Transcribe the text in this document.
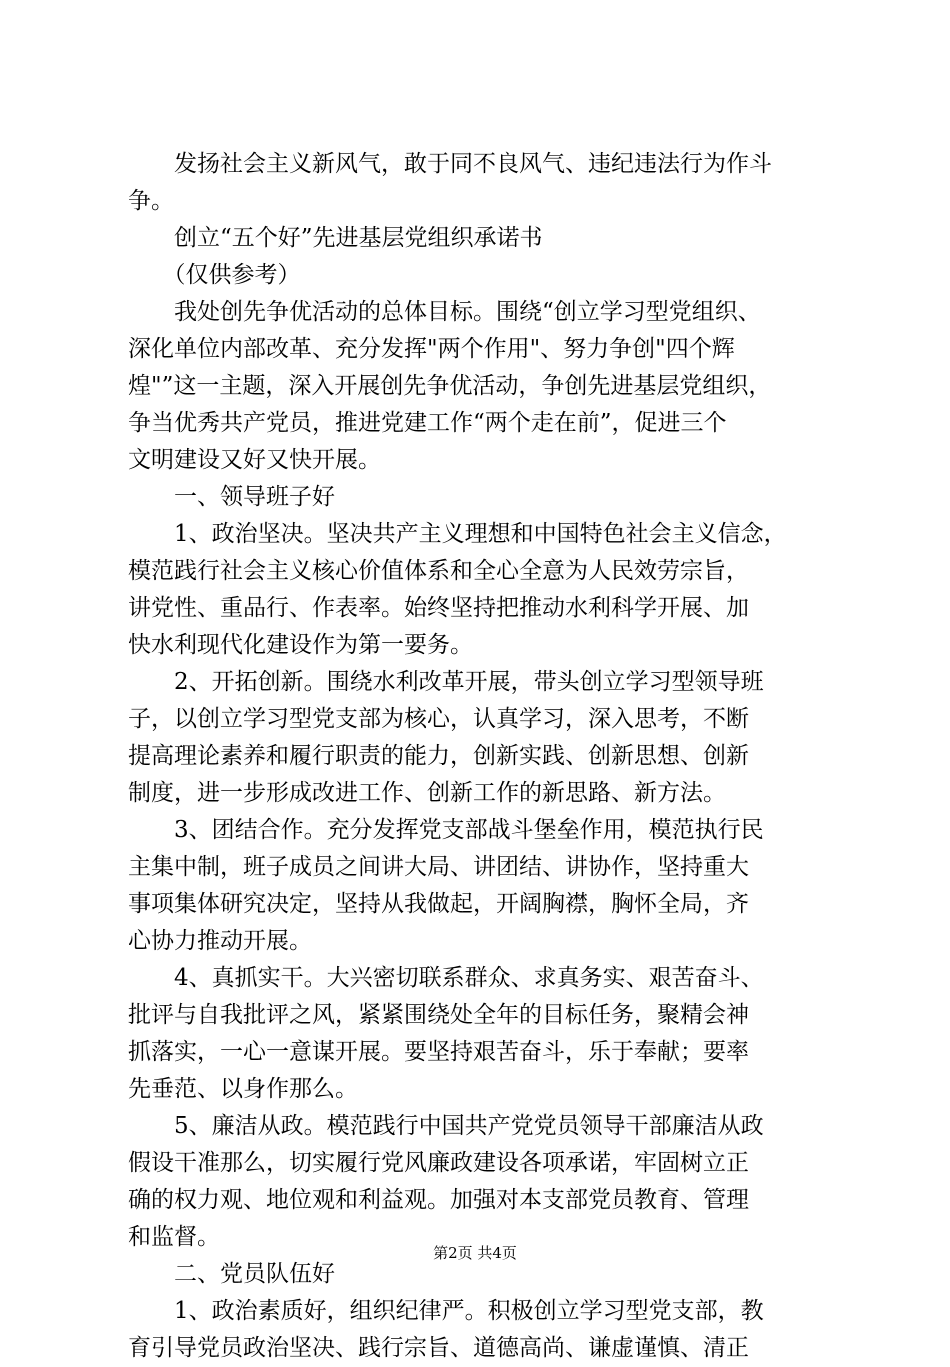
　　发扬社会主义新风气，敢于同不良风气、违纪违法行为作斗
争。
　　创立“五个好”先进基层党组织承诺书
　　（仅供参考）
　　我处创先争优活动的总体目标。围绕“创立学习型党组织、
深化单位内部改革、充分发挥"两个作用"、努力争创"四个辉
煌"”这一主题，深入开展创先争优活动，争创先进基层党组织，
争当优秀共产党员，推进党建工作“两个走在前”，促进三个
文明建设又好又快开展。
　　一、领导班子好
　　1、政治坚决。坚决共产主义理想和中国特色社会主义信念，
模范践行社会主义核心价值体系和全心全意为人民效劳宗旨，
讲党性、重品行、作表率。始终坚持把推动水利科学开展、加
快水利现代化建设作为第一要务。
　　2、开拓创新。围绕水利改革开展，带头创立学习型领导班
子，以创立学习型党支部为核心，认真学习，深入思考，不断
提高理论素养和履行职责的能力，创新实践、创新思想、创新
制度，进一步形成改进工作、创新工作的新思路、新方法。
　　3、团结合作。充分发挥党支部战斗堡垒作用，模范执行民
主集中制，班子成员之间讲大局、讲团结、讲协作，坚持重大
事项集体研究决定，坚持从我做起，开阔胸襟，胸怀全局，齐
心协力推动开展。
　　4、真抓实干。大兴密切联系群众、求真务实、艰苦奋斗、
批评与自我批评之风，紧紧围绕处全年的目标任务，聚精会神
抓落实，一心一意谋开展。要坚持艰苦奋斗，乐于奉献；要率
先垂范、以身作那么。
　　5、廉洁从政。模范践行中国共产党党员领导干部廉洁从政
假设干准那么，切实履行党风廉政建设各项承诺，牢固树立正
确的权力观、地位观和利益观。加强对本支部党员教育、管理
和监督。
　　二、党员队伍好
　　1、政治素质好，组织纪律严。积极创立学习型党支部，教
育引导党员政治坚决、践行宗旨、道德高尚、谦虚谨慎、清正
第2页 共4页
